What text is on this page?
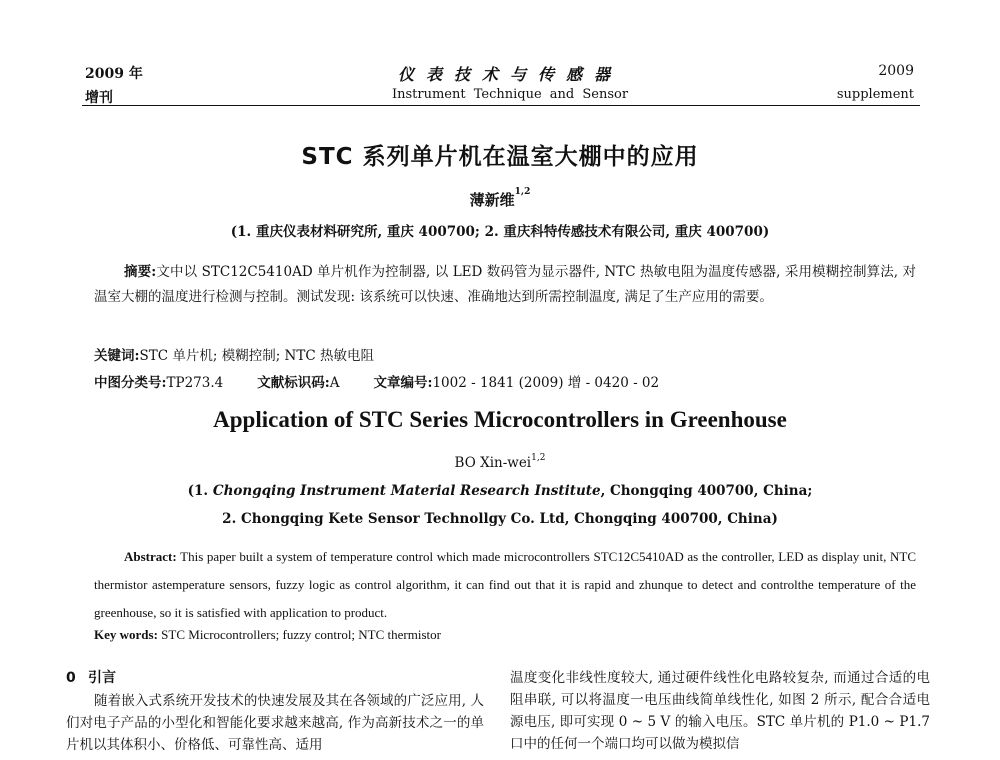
2009 年
增刊
仪表技术与传感器
Instrument Technique and Sensor
2009
supplement
STC 系列单片机在温室大棚中的应用
薄新维$^{1,2}$
(1. 重庆仪表材料研究所, 重庆 400700; 2. 重庆科特传感技术有限公司, 重庆 400700)
摘要:文中以 STC12C5410AD 单片机作为控制器, 以 LED 数码管为显示器件, NTC 热敏电阻为温度传感器, 采用模糊控制算法, 对温室大棚的温度进行检测与控制。测试发现: 该系统可以快速、准确地达到所需控制温度, 满足了生产应用的需要。
关键词:STC 单片机; 模糊控制; NTC 热敏电阻
中图分类号:TP273.4	文献标识码:A	文章编号:1002 - 1841 (2009) 增 - 0420 - 02
Application of STC Series Microcontrollers in Greenhouse
BO Xin-wei$^{1,2}$
(1. Chongqing Instrument Material Research Institute, Chongqing 400700, China;
2. Chongqing Kete Sensor Technollgy Co. Ltd, Chongqing 400700, China)
Abstract: This paper built a system of temperature control which made microcontrollers STC12C5410AD as the controller, LED as display unit, NTC thermistor astemperature sensors, fuzzy logic as control algorithm, it can find out that it is rapid and zhunque to detect and controlthe temperature of the greenhouse, so it is satisfied with application to product.
Key words: STC Microcontrollers; fuzzy control; NTC thermistor
0 引言
随着嵌入式系统开发技术的快速发展及其在各领域的广泛应用, 人们对电子产品的小型化和智能化要求越来越高, 作为高新技术之一的单片机以其体积小、价格低、可靠性高、适用
温度变化非线性度较大, 通过硬件线性化电路较复杂, 而通过合适的电阻串联, 可以将温度一电压曲线简单线性化, 如图 2 所示, 配合合适电源电压, 即可实现 0 ~ 5 V 的输入电压。STC 单片机的 P1.0 ~ P1.7 口中的任何一个端口均可以做为模拟信
